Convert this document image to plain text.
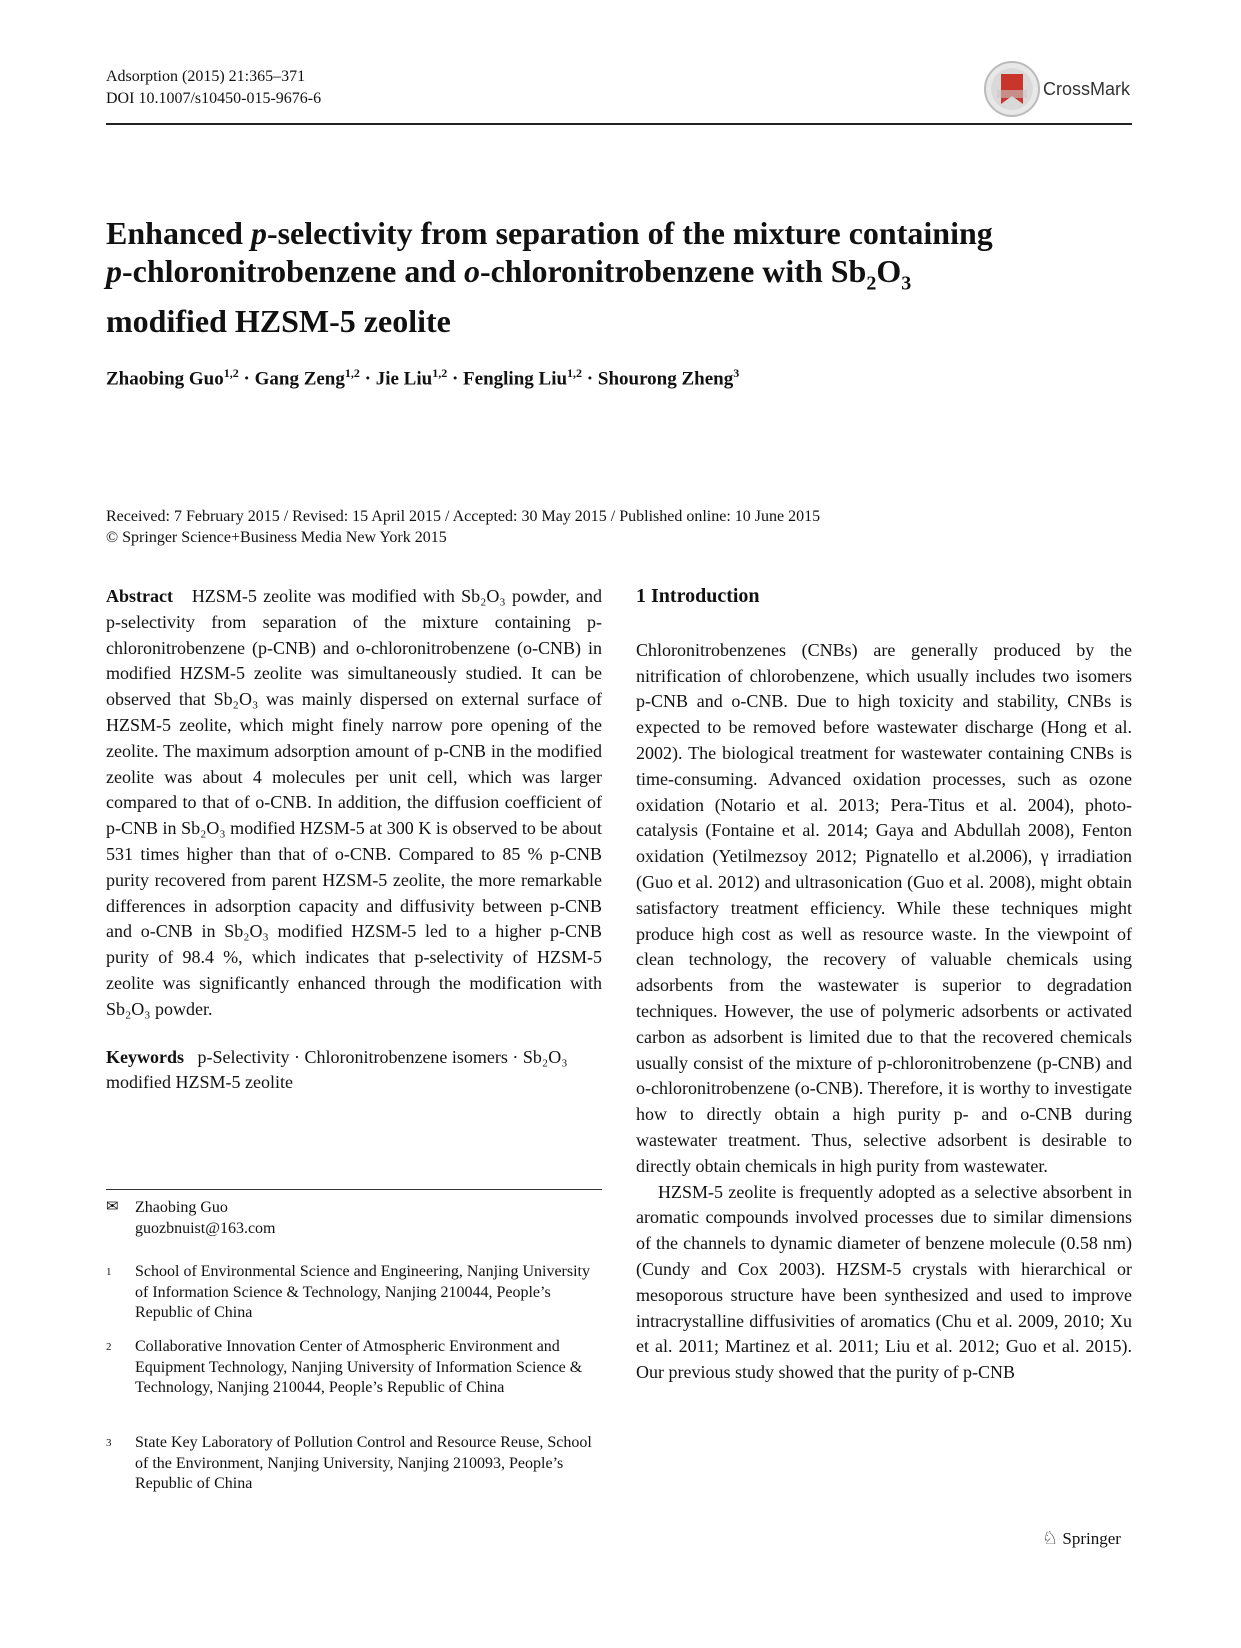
Adsorption (2015) 21:365–371
DOI 10.1007/s10450-015-9676-6	CrossMark
Enhanced p-selectivity from separation of the mixture containing
p-chloronitrobenzene and o-chloronitrobenzene with $Sb_2O_3$
modified HZSM-5 zeolite
Zhaobing Guo$^{1,2}$ · Gang Zeng$^{1,2}$ · Jie Liu$^{1,2}$ · Fengling Liu$^{1,2}$ · Shourong Zheng$^3$
Received: 7 February 2015 / Revised: 15 April 2015 / Accepted: 30 May 2015 / Published online: 10 June 2015
© Springer Science+Business Media New York 2015

Abstract HZSM-5 zeolite was modified with Sb₂O₃ powder, and p-selectivity from separation of the mixture containing p-chloronitrobenzene (p-CNB) and o-chloronitrobenzene (o-CNB) in modified HZSM-5 zeolite was simultaneously studied. It can be observed that Sb₂O₃ was mainly dispersed on external surface of HZSM-5 zeolite, which might finely narrow pore opening of the zeolite. The maximum adsorption amount of p-CNB in the modified zeolite was about 4 molecules per unit cell, which was larger compared to that of o-CNB. In addition, the diffusion coefficient of p-CNB in Sb₂O₃ modified HZSM-5 at 300 K is observed to be about 531 times higher than that of o-CNB. Compared to 85 % p-CNB purity recovered from parent HZSM-5 zeolite, the more remarkable differences in adsorption capacity and diffusivity between p-CNB and o-CNB in Sb₂O₃ modified HZSM-5 led to a higher p-CNB purity of 98.4 %, which indicates that p-selectivity of HZSM-5 zeolite was significantly enhanced through the modification with Sb₂O₃ powder.

Keywords p-Selectivity · Chloronitrobenzene isomers · Sb₂O₃ modified HZSM-5 zeolite

✉ Zhaobing Guo
guozbnuist@163.com
1 School of Environmental Science and Engineering, Nanjing University of Information Science & Technology, Nanjing 210044, People’s Republic of China
2 Collaborative Innovation Center of Atmospheric Environment and Equipment Technology, Nanjing University of Information Science & Technology, Nanjing 210044, People’s Republic of China
3 State Key Laboratory of Pollution Control and Resource Reuse, School of the Environment, Nanjing University, Nanjing 210093, People’s Republic of China

1 Introduction

Chloronitrobenzenes (CNBs) are generally produced by the nitrification of chlorobenzene, which usually includes two isomers p-CNB and o-CNB. Due to high toxicity and stability, CNBs is expected to be removed before wastewater discharge (Hong et al. 2002). The biological treatment for wastewater containing CNBs is time-consuming. Advanced oxidation processes, such as ozone oxidation (Notario et al. 2013; Pera-Titus et al. 2004), photo-catalysis (Fontaine et al. 2014; Gaya and Abdullah 2008), Fenton oxidation (Yetilmezsoy 2012; Pignatello et al.2006), γ irradiation (Guo et al. 2012) and ultrasonication (Guo et al. 2008), might obtain satisfactory treatment efficiency. While these techniques might produce high cost as well as resource waste. In the viewpoint of clean technology, the recovery of valuable chemicals using adsorbents from the wastewater is superior to degradation techniques. However, the use of polymeric adsorbents or activated carbon as adsorbent is limited due to that the recovered chemicals usually consist of the mixture of p-chloronitrobenzene (p-CNB) and o-chloronitrobenzene (o-CNB). Therefore, it is worthy to investigate how to directly obtain a high purity p- and o-CNB during wastewater treatment. Thus, selective adsorbent is desirable to directly obtain chemicals in high purity from wastewater.

HZSM-5 zeolite is frequently adopted as a selective absorbent in aromatic compounds involved processes due to similar dimensions of the channels to dynamic diameter of benzene molecule (0.58 nm) (Cundy and Cox 2003). HZSM-5 crystals with hierarchical or mesoporous structure have been synthesized and used to improve intracrystalline diffusivities of aromatics (Chu et al. 2009, 2010; Xu et al. 2011; Martinez et al. 2011; Liu et al. 2012; Guo et al. 2015). Our previous study showed that the purity of p-CNB

♘ Springer
